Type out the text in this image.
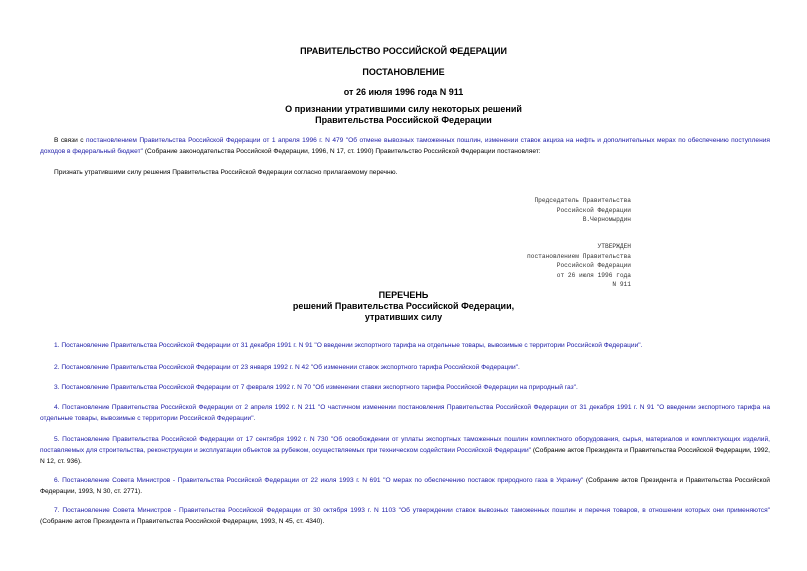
ПРАВИТЕЛЬСТВО РОССИЙСКОЙ ФЕДЕРАЦИИ
ПОСТАНОВЛЕНИЕ
от 26 июля 1996 года N 911
О признании утратившими силу некоторых решений
Правительства Российской Федерации
В связи с постановлением Правительства Российской Федерации от 1 апреля 1996 г. N 479 "Об отмене вывозных таможенных пошлин, изменении ставок акциза на нефть и дополнительных мерах по обеспечению поступления доходов в федеральный бюджет" (Собрание законодательства Российской Федерации, 1996, N 17, ст. 1990) Правительство Российской Федерации постановляет:
Признать утратившими силу решения Правительства Российской Федерации согласно прилагаемому перечню.
Председатель Правительства
Российской Федерации
В.Черномырдин
УТВЕРЖДЕН
постановлением Правительства
Российской Федерации
от 26 июля 1996 года
N 911
ПЕРЕЧЕНЬ
решений Правительства Российской Федерации,
утративших силу
1. Постановление Правительства Российской Федерации от 31 декабря 1991 г. N 91 "О введении экспортного тарифа на отдельные товары, вывозимые с территории Российской Федерации".
2. Постановление Правительства Российской Федерации от 23 января 1992 г. N 42 "Об изменении ставок экспортного тарифа Российской Федерации".
3. Постановление Правительства Российской Федерации от 7 февраля 1992 г. N 70 "Об изменении ставки экспортного тарифа Российской Федерации на природный газ".
4. Постановление Правительства Российской Федерации от 2 апреля 1992 г. N 211 "О частичном изменении постановления Правительства Российской Федерации от 31 декабря 1991 г. N 91 "О введении экспортного тарифа на отдельные товары, вывозимые с территории Российской Федерации".
5. Постановление Правительства Российской Федерации от 17 сентября 1992 г. N 730 "Об освобождении от уплаты экспортных таможенных пошлин комплектного оборудования, сырья, материалов и комплектующих изделий, поставляемых для строительства, реконструкции и эксплуатации объектов за рубежом, осуществляемых при техническом содействии Российской Федерации" (Собрание актов Президента и Правительства Российской Федерации, 1992, N 12, ст. 936).
6. Постановление Совета Министров - Правительства Российской Федерации от 22 июля 1993 г. N 691 "О мерах по обеспечению поставок природного газа в Украину" (Собрание актов Президента и Правительства Российской Федерации, 1993, N 30, ст. 2771).
7. Постановление Совета Министров - Правительства Российской Федерации от 30 октября 1993 г. N 1103 "Об утверждении ставок вывозных таможенных пошлин и перечня товаров, в отношении которых они применяются" (Собрание актов Президента и Правительства Российской Федерации, 1993, N 45, ст. 4340).
